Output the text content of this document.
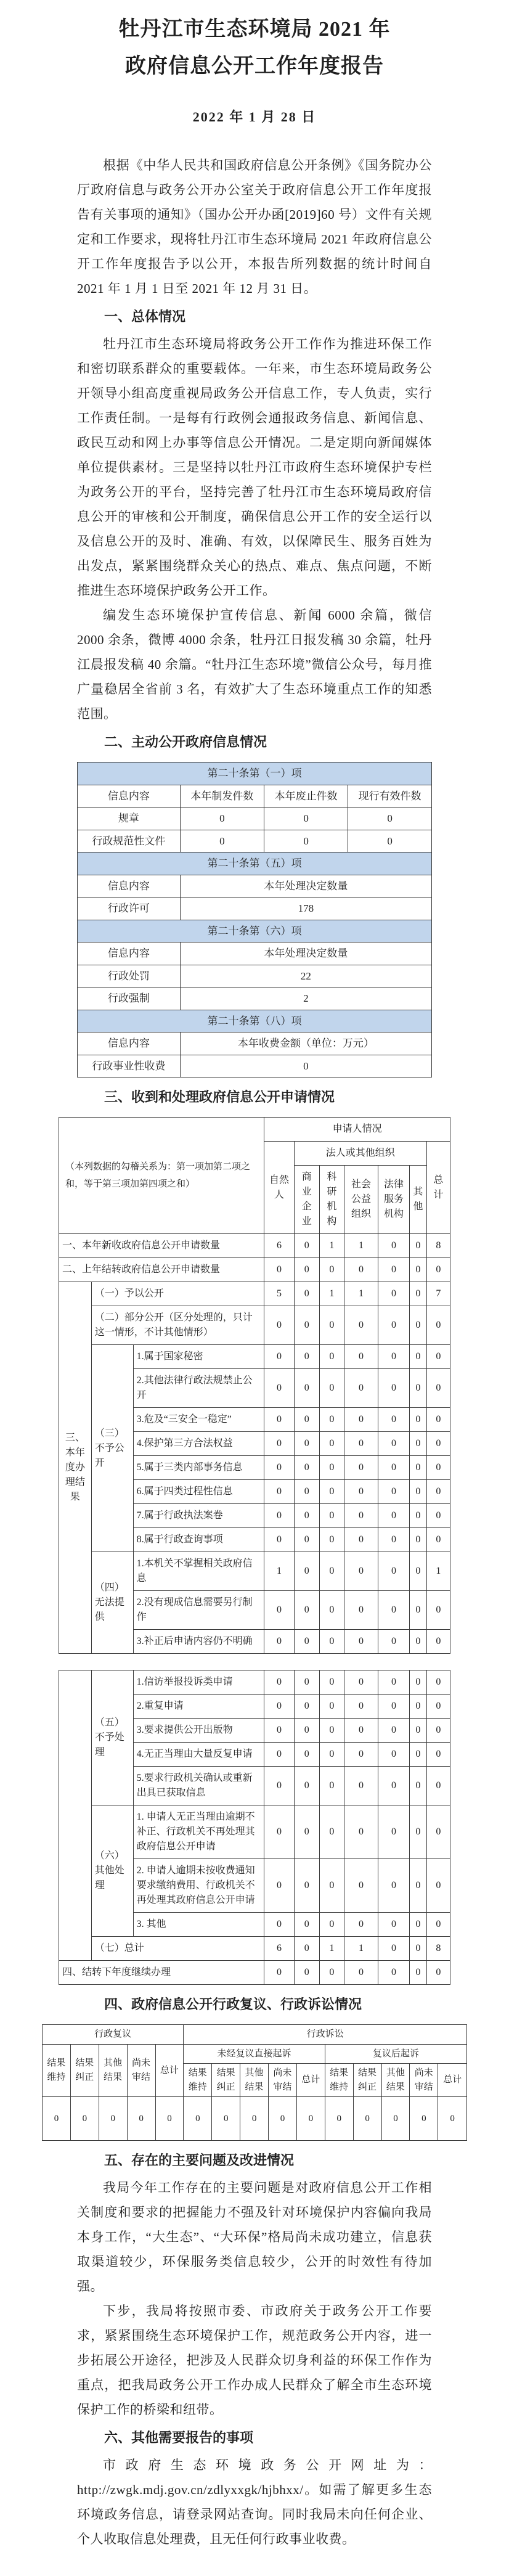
牡丹江市生态环境局 2021 年
政府信息公开工作年度报告
2022 年 1 月 28 日

根据《中华人民共和国政府信息公开条例》《国务院办公厅政府信息与政务公开办公室关于政府信息公开工作年度报告有关事项的通知》（国办公开办函[2019]60 号）文件有关规定和工作要求，现将牡丹江市生态环境局 2021 年政府信息公开工作年度报告予以公开，本报告所列数据的统计时间自 2021 年 1 月 1 日至 2021 年 12 月 31 日。

一、总体情况

牡丹江市生态环境局将政务公开工作作为推进环保工作和密切联系群众的重要载体。一年来，市生态环境局政务公开领导小组高度重视局政务公开信息工作，专人负责，实行工作责任制。一是每有行政例会通报政务信息、新闻信息、政民互动和网上办事等信息公开情况。二是定期向新闻媒体单位提供素材。三是坚持以牡丹江市政府生态环境保护专栏为政务公开的平台，坚持完善了牡丹江市生态环境局政府信息公开的审核和公开制度，确保信息公开工作的安全运行以及信息公开的及时、准确、有效，以保障民生、服务百姓为出发点，紧紧围绕群众关心的热点、难点、焦点问题，不断推进生态环境保护政务公开工作。

编发生态环境保护宣传信息、新闻 6000 余篇，微信 2000 余条，微博 4000 余条，牡丹江日报发稿 30 余篇，牡丹江晨报发稿 40 余篇。“牡丹江生态环境”微信公众号，每月推广量稳居全省前 3 名，有效扩大了生态环境重点工作的知悉范围。

二、主动公开政府信息情况
第二十条第（一）项			
信息内容	本年制发件数	本年废止件数	现行有效件数
规章	0	0	0
行政规范性文件	0	0	0
第二十条第（五）项			
信息内容	本年处理决定数量		
行政许可	178		
第二十条第（六）项			
信息内容	本年处理决定数量		
行政处罚	22		
行政强制	2		
第二十条第（八）项			
信息内容	本年收费金额（单位：万元）		
行政事业性收费	0		
三、收到和处理政府信息公开申请情况
（本列数据的勾稽关系为：第一项加第二项之和，等于第三项加第四项之和）			申请人情况						
			自然人	法人或其他组织					总计
				商业企业	科研机构	社会公益组织	法律服务机构	其他	
一、本年新收政府信息公开申请数量			6	0	1	1	0	0	8
二、上年结转政府信息公开申请数量			0	0	0	0	0	0	0
三、本年度办理结果	（一）予以公开		5	0	1	1	0	0	7
	（二）部分公开（区分处理的，只计这一情形，不计其他情形）		0	0	0	0	0	0	0
	（三）不予公开	1.属于国家秘密	0	0	0	0	0	0	0
		2.其他法律行政法规禁止公开	0	0	0	0	0	0	0
		3.危及“三安全一稳定”	0	0	0	0	0	0	0
		4.保护第三方合法权益	0	0	0	0	0	0	0
		5.属于三类内部事务信息	0	0	0	0	0	0	0
		6.属于四类过程性信息	0	0	0	0	0	0	0
		7.属于行政执法案卷	0	0	0	0	0	0	0
		8.属于行政查询事项	0	0	0	0	0	0	0
	（四）无法提供	1.本机关不掌握相关政府信息	1	0	0	0	0	0	1
		2.没有现成信息需要另行制作	0	0	0	0	0	0	0
		3.补正后申请内容仍不明确	0	0	0	0	0	0	0
	（五）不予处理	1.信访举报投诉类申请	0	0	0	0	0	0	0
		2.重复申请	0	0	0	0	0	0	0
		3.要求提供公开出版物	0	0	0	0	0	0	0
		4.无正当理由大量反复申请	0	0	0	0	0	0	0
		5.要求行政机关确认或重新出具已获取信息	0	0	0	0	0	0	0
	（六）其他处理	1. 申请人无正当理由逾期不补正、行政机关不再处理其政府信息公开申请	0	0	0	0	0	0	0
		2. 申请人逾期未按收费通知要求缴纳费用、行政机关不再处理其政府信息公开申请	0	0	0	0	0	0	0
		3. 其他	0	0	0	0	0	0	0
	（七）总计		6	0	1	1	0	0	8
四、结转下年度继续办理			0	0	0	0	0	0	0
四、政府信息公开行政复议、行政诉讼情况
行政复议					行政诉讼									
结果维持	结果纠正	其他结果	尚未审结	总计	未经复议直接起诉					复议后起诉				
					结果维持	结果纠正	其他结果	尚未审结	总计	结果维持	结果纠正	其他结果	尚未审结	总计
0	0	0	0	0	0	0	0	0	0	0	0	0	0	0
五、存在的主要问题及改进情况

我局今年工作存在的主要问题是对政府信息公开工作相关制度和要求的把握能力不强及针对环境保护内容偏向我局本身工作，“大生态”、“大环保”格局尚未成功建立，信息获取渠道较少，环保服务类信息较少，公开的时效性有待加强。

下步，我局将按照市委、市政府关于政务公开工作要求，紧紧围绕生态环境保护工作，规范政务公开内容，进一步拓展公开途径，把涉及人民群众切身利益的环保工作作为重点，把我局政务公开工作办成人民群众了解全市生态环境保护工作的桥梁和纽带。

六、其他需要报告的事项

市政府生态环境政务公开网址为：http://zwgk.mdj.gov.cn/zdlyxxgk/hjbhxx/。如需了解更多生态环境政务信息，请登录网站查询。同时我局未向任何企业、个人收取信息处理费，且无任何行政事业收费。
